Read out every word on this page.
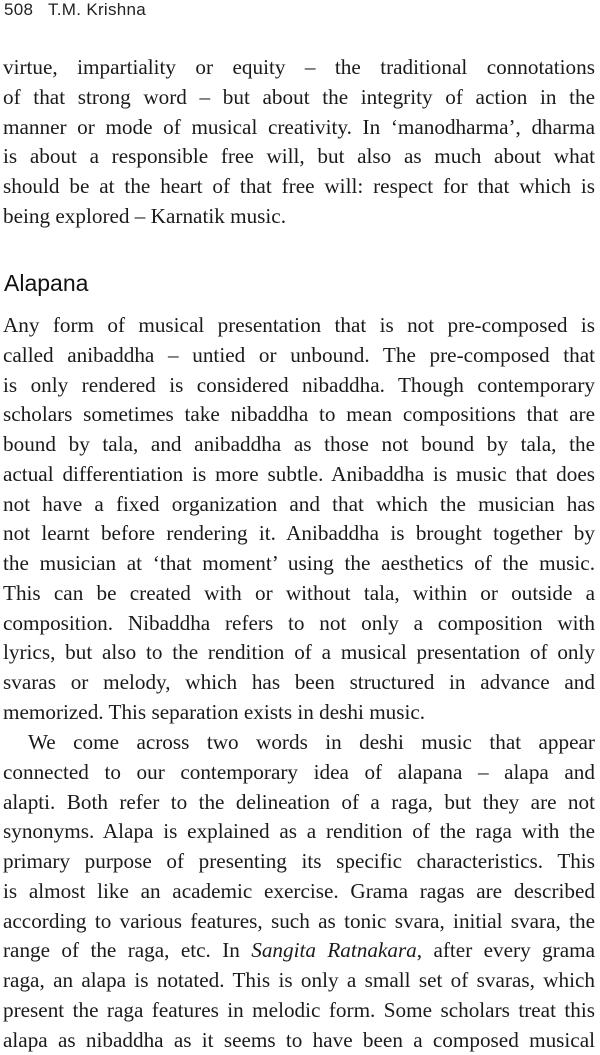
508 T.M. Krishna
virtue, impartiality or equity – the traditional connotations
of that strong word – but about the integrity of action in the
manner or mode of musical creativity. In ‘manodharma’, dharma
is about a responsible free will, but also as much about what
should be at the heart of that free will: respect for that which is
being explored – Karnatik music.
Alapana
Any form of musical presentation that is not pre-composed is
called anibaddha – untied or unbound. The pre-composed that
is only rendered is considered nibaddha. Though contemporary
scholars sometimes take nibaddha to mean compositions that are
bound by tala, and anibaddha as those not bound by tala, the
actual differentiation is more subtle. Anibaddha is music that does
not have a fixed organization and that which the musician has
not learnt before rendering it. Anibaddha is brought together by
the musician at ‘that moment’ using the aesthetics of the music.
This can be created with or without tala, within or outside a
composition. Nibaddha refers to not only a composition with
lyrics, but also to the rendition of a musical presentation of only
svaras or melody, which has been structured in advance and
memorized. This separation exists in deshi music.
We come across two words in deshi music that appear
connected to our contemporary idea of alapana – alapa and
alapti. Both refer to the delineation of a raga, but they are not
synonyms. Alapa is explained as a rendition of the raga with the
primary purpose of presenting its specific characteristics. This
is almost like an academic exercise. Grama ragas are described
according to various features, such as tonic svara, initial svara, the
range of the raga, etc. In Sangita Ratnakara, after every grama
raga, an alapa is notated. This is only a small set of svaras, which
present the raga features in melodic form. Some scholars treat this
alapa as nibaddha as it seems to have been a composed musical
